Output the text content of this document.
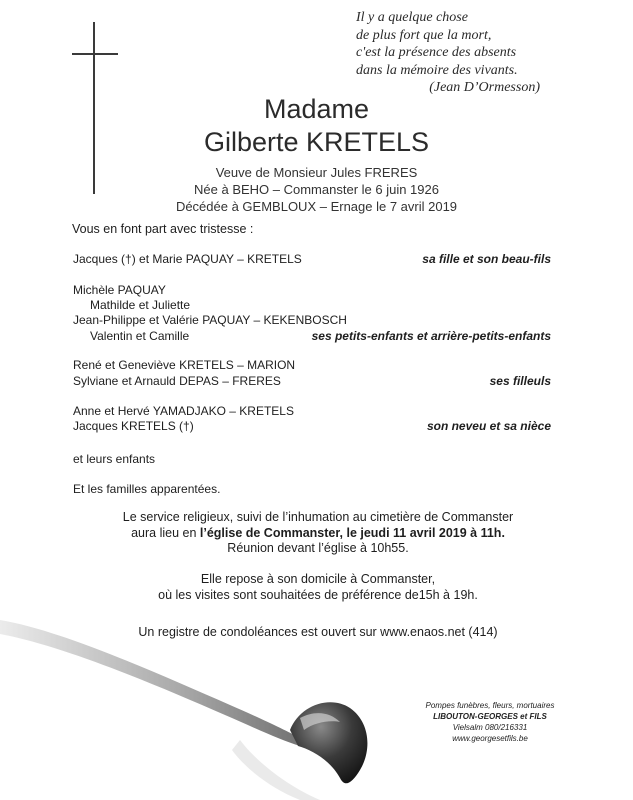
Il y a quelque chose
de plus fort que la mort,
c'est la présence des absents
dans la mémoire des vivants.
(Jean D’Ormesson)
Madame
Gilberte KRETELS
Veuve de Monsieur Jules FRERES
Née à BEHO – Commanster le 6 juin 1926
Décédée à GEMBLOUX – Ernage le 7 avril 2019
Vous en font part avec tristesse :
Jacques (†) et Marie PAQUAY – KRETELS	sa fille et son beau-fils
Michèle PAQUAY
Mathilde et Juliette
Jean-Philippe et Valérie PAQUAY – KEKENBOSCH
Valentin et Camille	ses petits-enfants et arrière-petits-enfants
René et Geneviève KRETELS – MARION
Sylviane et Arnauld DEPAS – FRERES	ses filleuls
Anne et Hervé YAMADJAKO – KRETELS
Jacques KRETELS (†)	son neveu et sa nièce
et leurs enfants
Et les familles apparentées.
Le service religieux, suivi de l’inhumation au cimetière de Commanster
aura lieu en l’église de Commanster, le jeudi 11 avril 2019 à 11h.
Réunion devant l’église à 10h55.
Elle repose à son domicile à Commanster,
où les visites sont souhaitées de préférence de15h à 19h.
Un registre de condoléances est ouvert sur www.enaos.net (414)
Pompes funèbres, fleurs, mortuaires
LIBOUTON-GEORGES et FILS
Vielsalm 080/216331
www.georgesetfils.be
